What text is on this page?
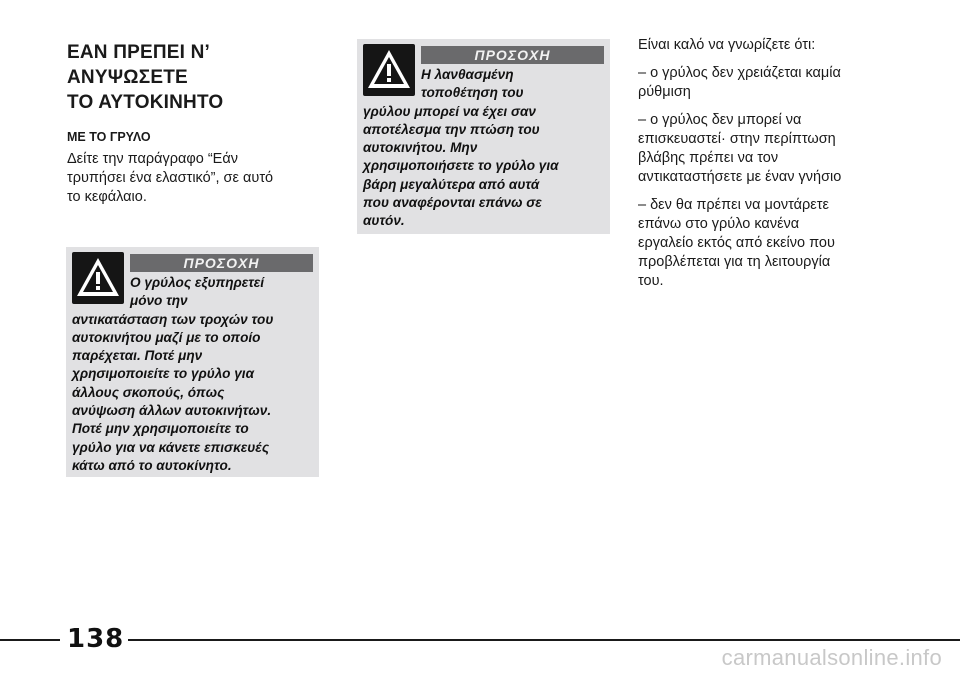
ΕΑΝ ΠΡΕΠΕΙ Ν’
ΑΝΥΨΩΣΕΤΕ
ΤΟ ΑΥΤΟΚΙΝΗΤΟ
ΜΕ ΤΟ ΓΡΥΛΟ

Δείτε την παράγραφο “Εάν
τρυπήσει ένα ελαστικό”, σε αυτό
το κεφάλαιο.

ΠΡΟΣΟΧΗ
Ο γρύλος εξυπηρετεί
μόνο την
αντικατάσταση των τροχών του
αυτοκινήτου μαζί με το οποίο
παρέχεται. Ποτέ μην
χρησιμοποιείτε το γρύλο για
άλλους σκοπούς, όπως
ανύψωση άλλων αυτοκινήτων.
Ποτέ μην χρησιμοποιείτε το
γρύλο για να κάνετε επισκευές
κάτω από το αυτοκίνητο.
ΠΡΟΣΟΧΗ
Η λανθασμένη
τοποθέτηση του
γρύλου μπορεί να έχει σαν
αποτέλεσμα την πτώση του
αυτοκινήτου. Μην
χρησιμοποιήσετε το γρύλο για
βάρη μεγαλύτερα από αυτά
που αναφέρονται επάνω σε
αυτόν.

Είναι καλό να γνωρίζετε ότι:

– ο γρύλος δεν χρειάζεται καμία
ρύθμιση

– ο γρύλος δεν μπορεί να
επισκευαστεί· στην περίπτωση
βλάβης πρέπει να τον
αντικαταστήσετε με έναν γνήσιο

– δεν θα πρέπει να μοντάρετε
επάνω στο γρύλο κανένα
εργαλείο εκτός από εκείνο που
προβλέπεται για τη λειτουργία
του.

138
carmanualsonline.info
